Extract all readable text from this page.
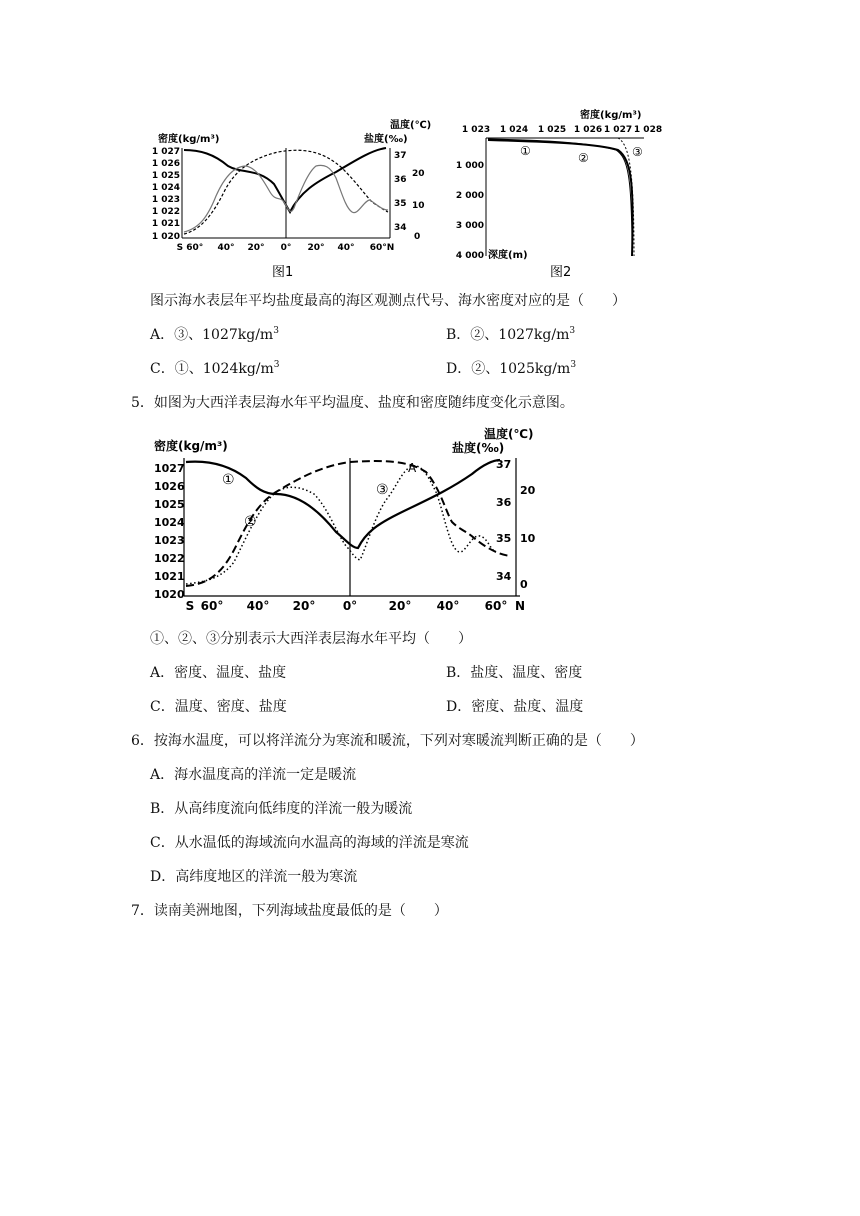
密度(kg/m³)
温度(℃)
盐度(‰)
1 027
1 026
1 025
1 024
1 023
1 022
1 021
1 020
37
36
35
34
20
10
0
S 60° 40° 20° 0° 20° 40° 60°N
图1
密度(kg/m³)
1 023 1 024 1 025 1 026 1 027 1 028
1 000
2 000
3 000
4 000 深度(m)
①	②	③
图2
图示海水表层年平均盐度最高的海区观测点代号、海水密度对应的是（　　）
A．③、$1027kg/m^3$	B．②、$1027kg/m^3$
C．①、$1024kg/m^3$	D．②、$1025kg/m^3$
5．如图为大西洋表层海水年平均温度、盐度和密度随纬度变化示意图。
密度(kg/m³)
温度(℃)
盐度(‰)
1027
1026
1025
1024
1023
1022
1021
1020
37
36
35
34
20
10
0
S 60° 40° 20° 0°	20° 40° 60° N
①
②
③
A
①、②、③分别表示大西洋表层海水年平均（　　）
A．密度、温度、盐度	B．盐度、温度、密度
C．温度、密度、盐度	D．密度、盐度、温度
6．按海水温度，可以将洋流分为寒流和暖流，下列对寒暖流判断正确的是（　　）
A．海水温度高的洋流一定是暖流
B．从高纬度流向低纬度的洋流一般为暖流
C．从水温低的海域流向水温高的海域的洋流是寒流
D．高纬度地区的洋流一般为寒流
7．读南美洲地图，下列海域盐度最低的是（　　）
